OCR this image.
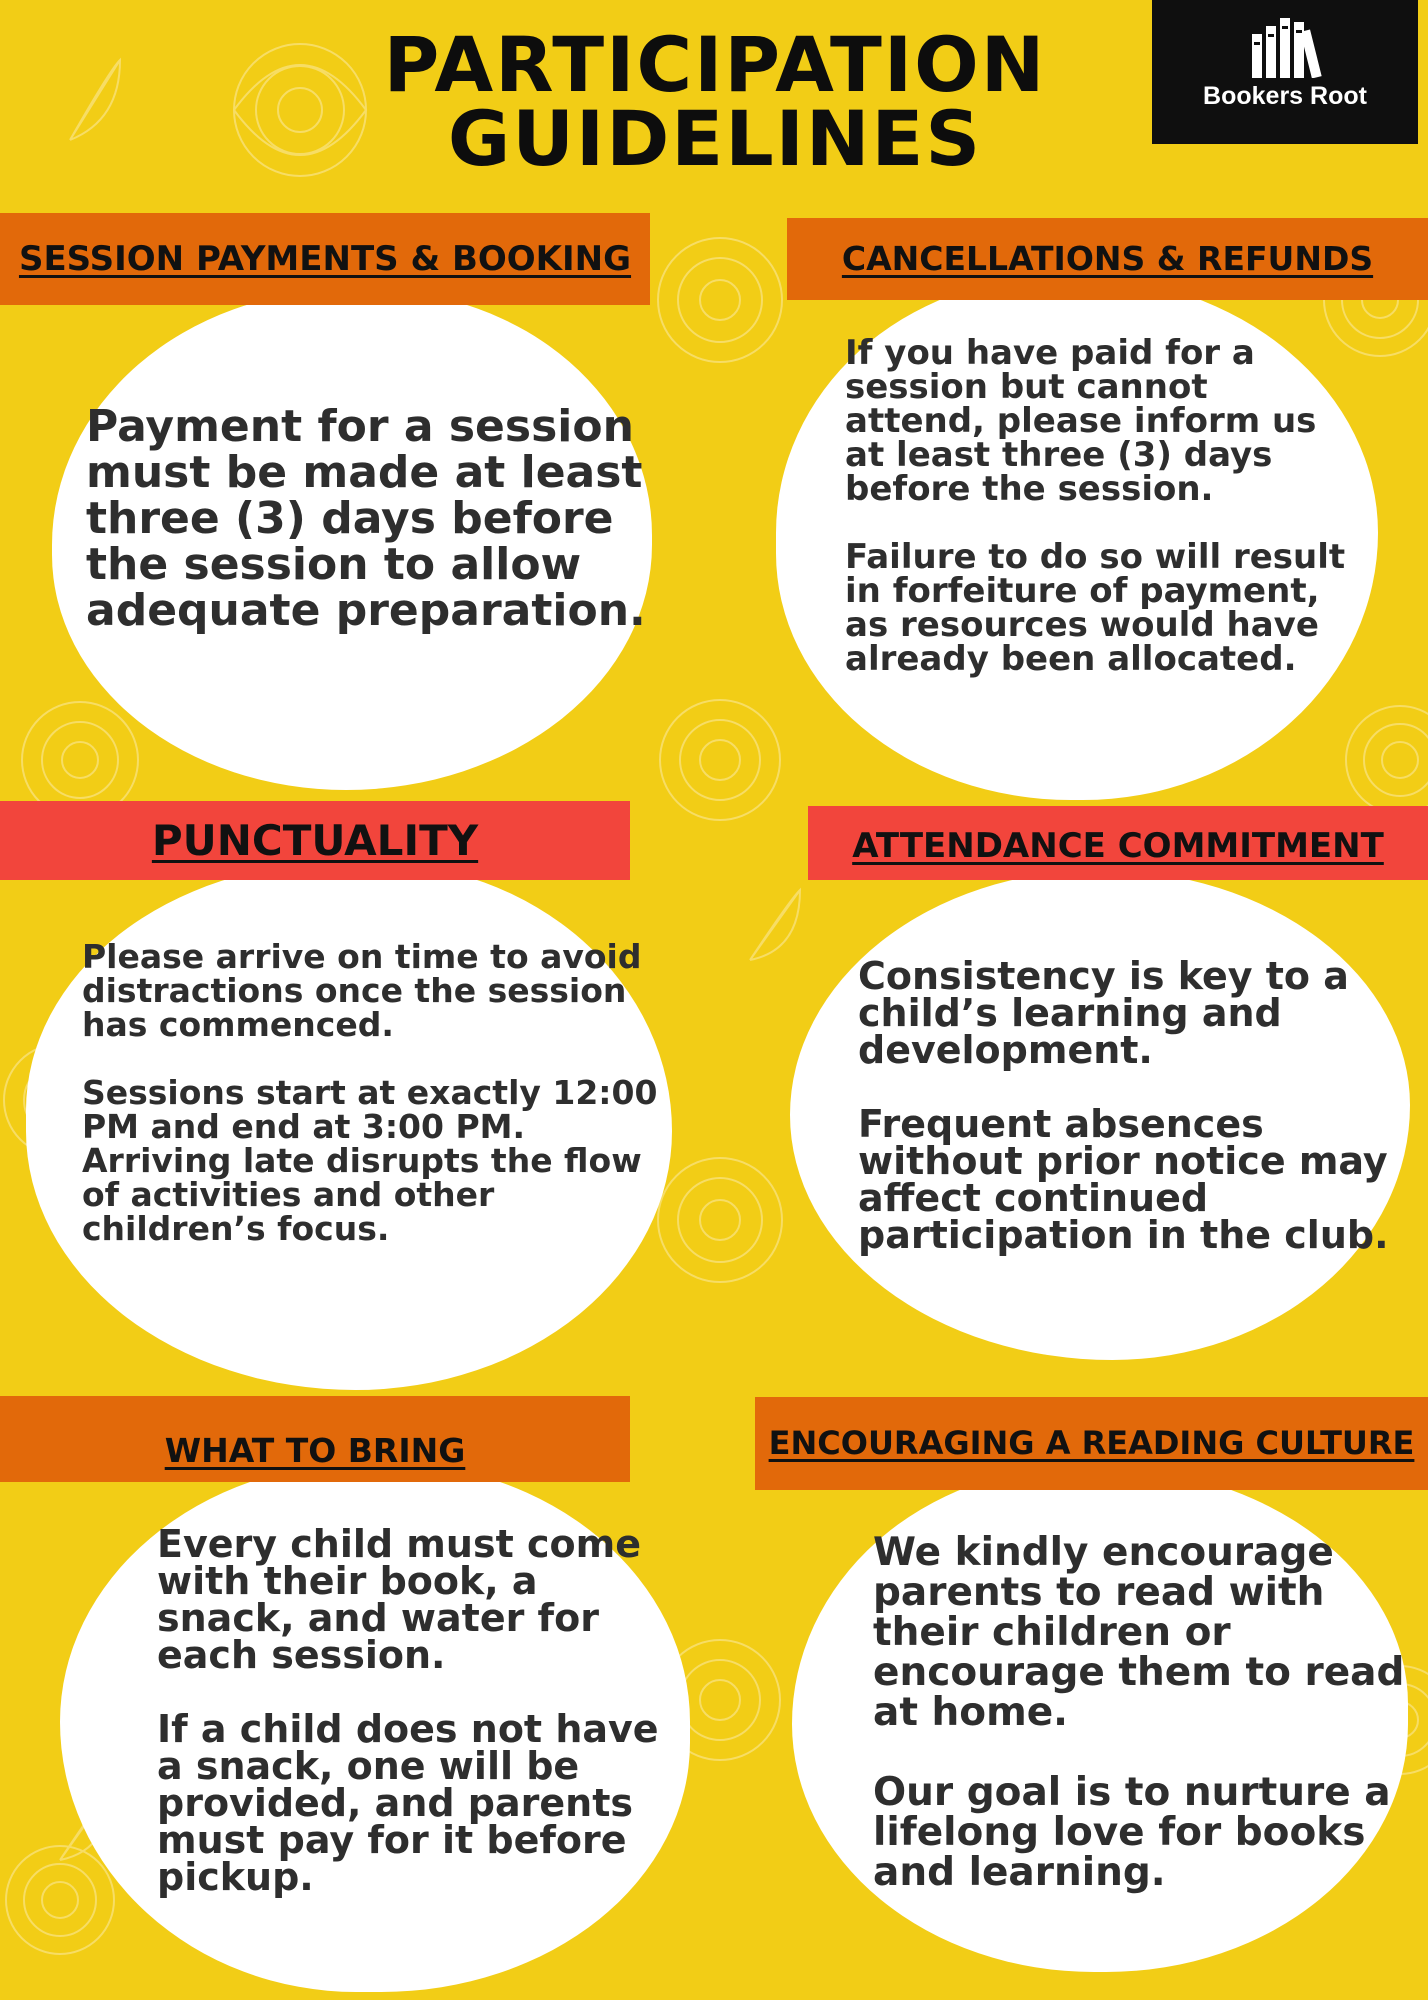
PARTICIPATION
GUIDELINES	Bookers Root
SESSION PAYMENTS & BOOKING

Payment for a session must be made at least three (3) days before the session to allow adequate preparation.

CANCELLATIONS & REFUNDS

If you have paid for a session but cannot attend, please inform us at least three (3) days before the session.

Failure to do so will result in forfeiture of payment, as resources would have already been allocated.

PUNCTUALITY

Please arrive on time to avoid distractions once the session has commenced.

Sessions start at exactly 12:00 PM and end at 3:00 PM. Arriving late disrupts the flow of activities and other children’s focus.

ATTENDANCE COMMITMENT

Consistency is key to a child’s learning and development.

Frequent absences without prior notice may affect continued participation in the club.

WHAT TO BRING

Every child must come with their book, a snack, and water for each session.

If a child does not have a snack, one will be provided, and parents must pay for it before pickup.

ENCOURAGING A READING CULTURE

We kindly encourage parents to read with their children or encourage them to read at home.

Our goal is to nurture a lifelong love for books and learning.
